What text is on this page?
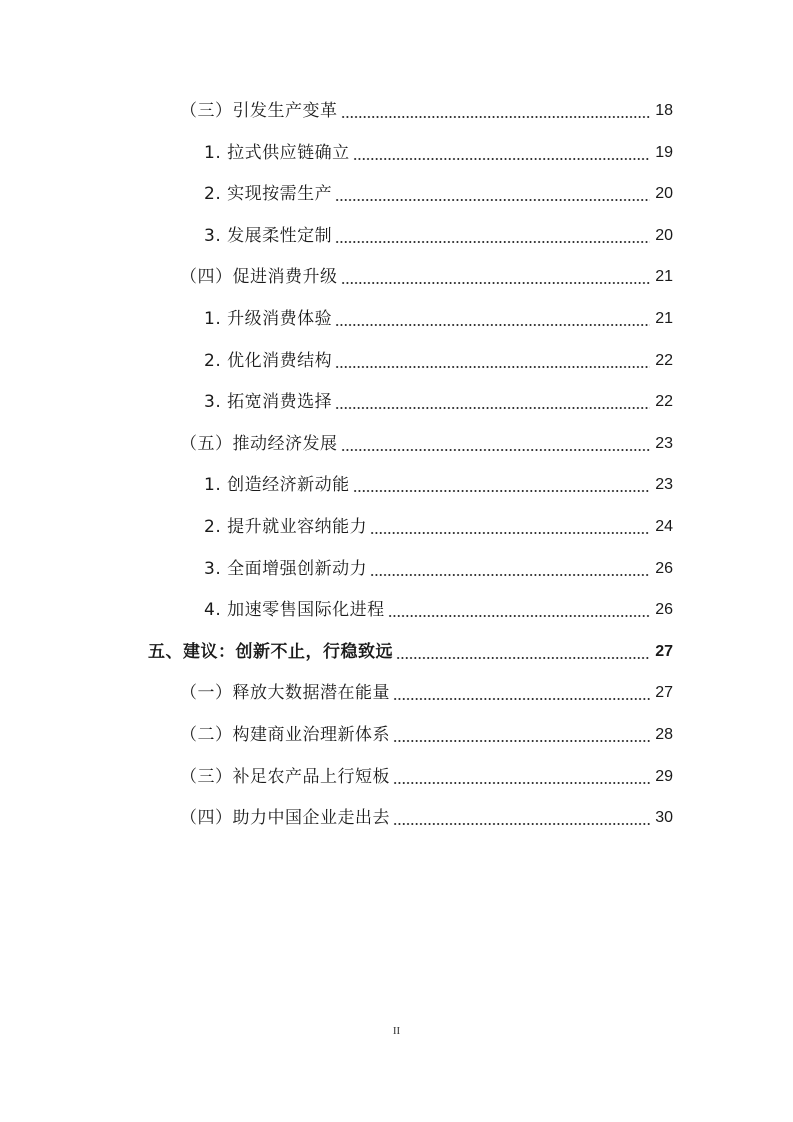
（三）引发生产变革	18
1. 拉式供应链确立	19
2. 实现按需生产	20
3. 发展柔性定制	20
（四）促进消费升级	21
1. 升级消费体验	21
2. 优化消费结构	22
3. 拓宽消费选择	22
（五）推动经济发展	23
1. 创造经济新动能	23
2. 提升就业容纳能力	24
3. 全面增强创新动力	26
4. 加速零售国际化进程	26
五、建议：创新不止，行稳致远	27
（一）释放大数据潜在能量	27
（二）构建商业治理新体系	28
（三）补足农产品上行短板	29
（四）助力中国企业走出去	30
II
